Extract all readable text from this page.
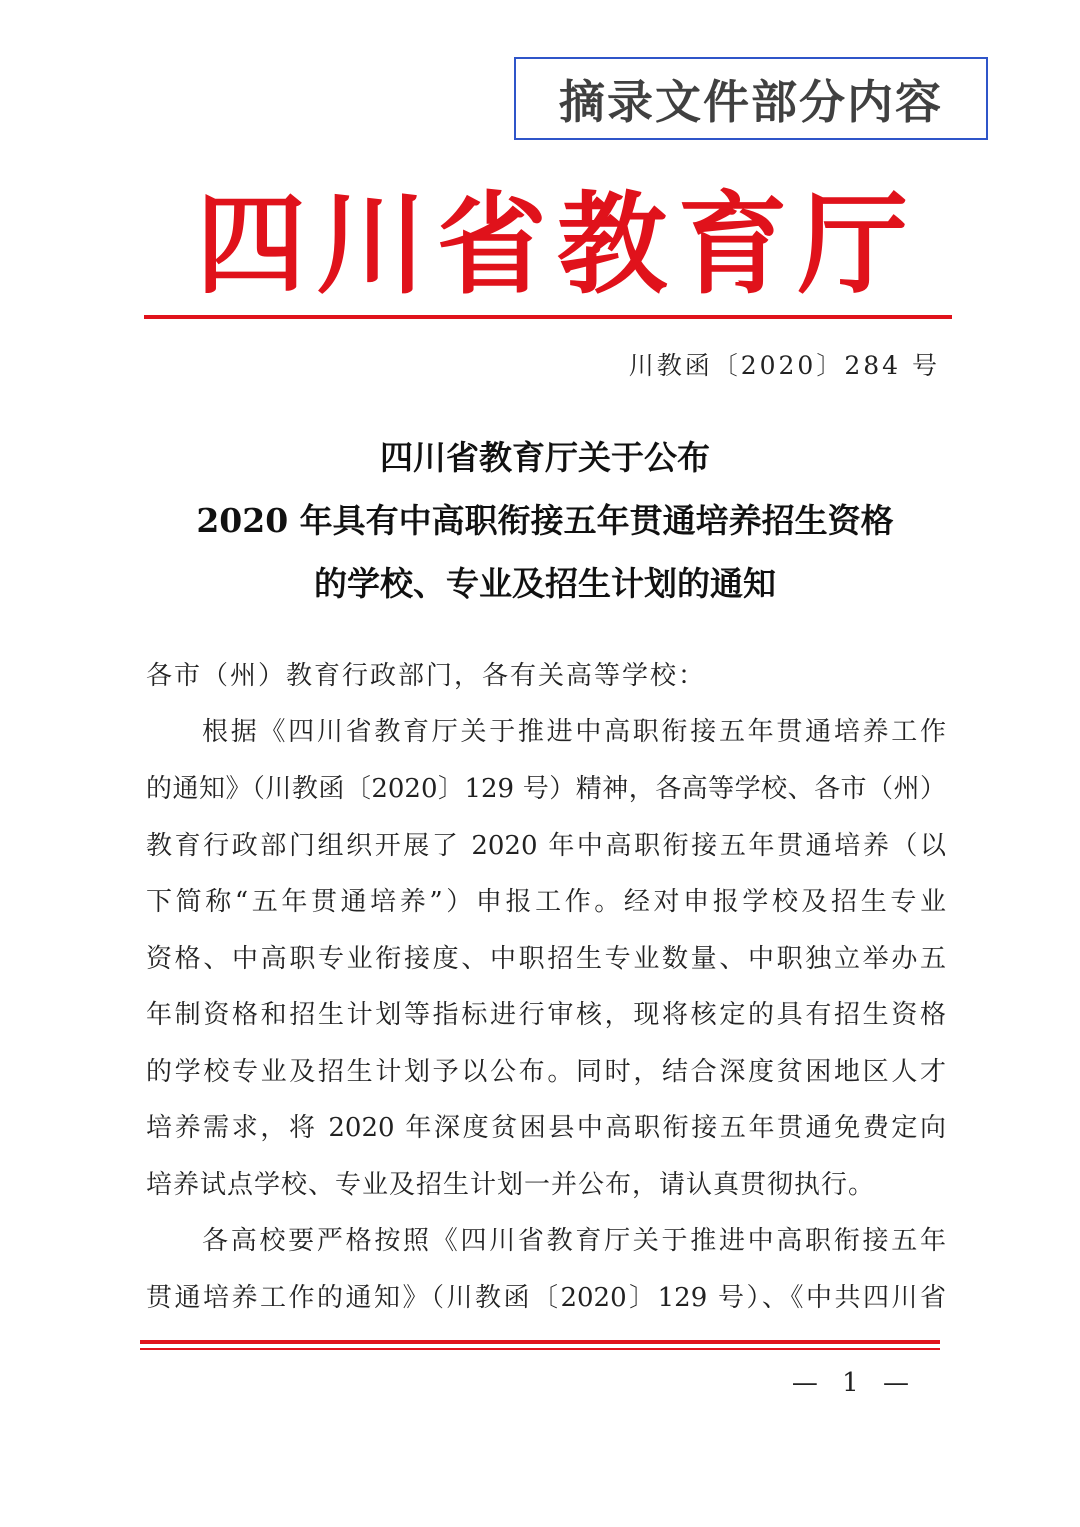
摘录文件部分内容
四 川 省 教 育 厅
川教函〔2020〕284 号
四川省教育厅关于公布
2020 年具有中高职衔接五年贯通培养招生资格
的学校、专业及招生计划的通知
各市（州）教育行政部门，各有关高等学校：
根据《四川省教育厅关于推进中高职衔接五年贯通培养工作
的通知》（川教函〔2020〕129 号）精神，各高等学校、各市（州）
教育行政部门组织开展了 2020 年中高职衔接五年贯通培养（以
下简称“五年贯通培养”）申报工作。经对申报学校及招生专业
资格、中高职专业衔接度、中职招生专业数量、中职独立举办五
年制资格和招生计划等指标进行审核，现将核定的具有招生资格
的学校专业及招生计划予以公布。同时，结合深度贫困地区人才
培养需求，将 2020 年深度贫困县中高职衔接五年贯通免费定向
培养试点学校、专业及招生计划一并公布，请认真贯彻执行。
各高校要严格按照《四川省教育厅关于推进中高职衔接五年
贯通培养工作的通知》（川教函〔2020〕129 号）、《中共四川省
— 1 —
